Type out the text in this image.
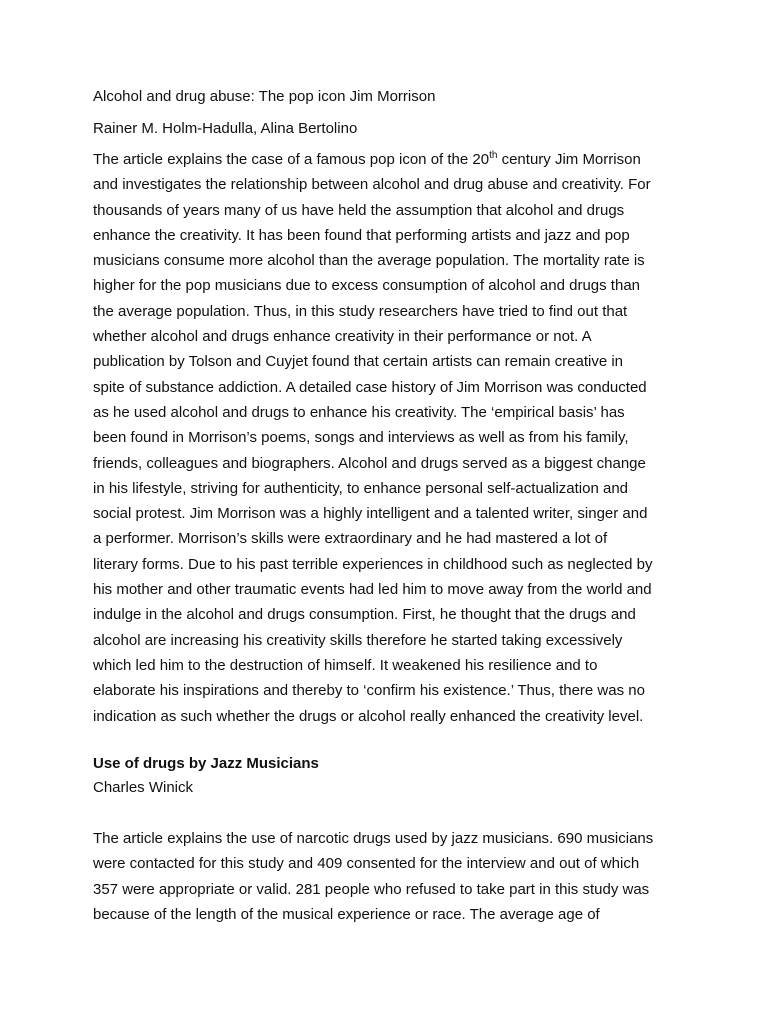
Alcohol and drug abuse: The pop icon Jim Morrison
Rainer M. Holm-Hadulla, Alina Bertolino
The article explains the case of a famous pop icon of the 20th century Jim Morrison
and investigates the relationship between alcohol and drug abuse and creativity. For
thousands of years many of us have held the assumption that alcohol and drugs
enhance the creativity. It has been found that performing artists and jazz and pop
musicians consume more alcohol than the average population. The mortality rate is
higher for the pop musicians due to excess consumption of alcohol and drugs than
the average population. Thus, in this study researchers have tried to find out that
whether alcohol and drugs enhance creativity in their performance or not. A
publication by Tolson and Cuyjet found that certain artists can remain creative in
spite of substance addiction. A detailed case history of Jim Morrison was conducted
as he used alcohol and drugs to enhance his creativity. The ‘empirical basis’ has
been found in Morrison’s poems, songs and interviews as well as from his family,
friends, colleagues and biographers. Alcohol and drugs served as a biggest change
in his lifestyle, striving for authenticity, to enhance personal self-actualization and
social protest. Jim Morrison was a highly intelligent and a talented writer, singer and
a performer. Morrison’s skills were extraordinary and he had mastered a lot of
literary forms. Due to his past terrible experiences in childhood such as neglected by
his mother and other traumatic events had led him to move away from the world and
indulge in the alcohol and drugs consumption. First, he thought that the drugs and
alcohol are increasing his creativity skills therefore he started taking excessively
which led him to the destruction of himself. It weakened his resilience and to
elaborate his inspirations and thereby to ‘confirm his existence.’ Thus, there was no
indication as such whether the drugs or alcohol really enhanced the creativity level.
Use of drugs by Jazz Musicians
Charles Winick
The article explains the use of narcotic drugs used by jazz musicians. 690 musicians
were contacted for this study and 409 consented for the interview and out of which
357 were appropriate or valid. 281 people who refused to take part in this study was
because of the length of the musical experience or race. The average age of
